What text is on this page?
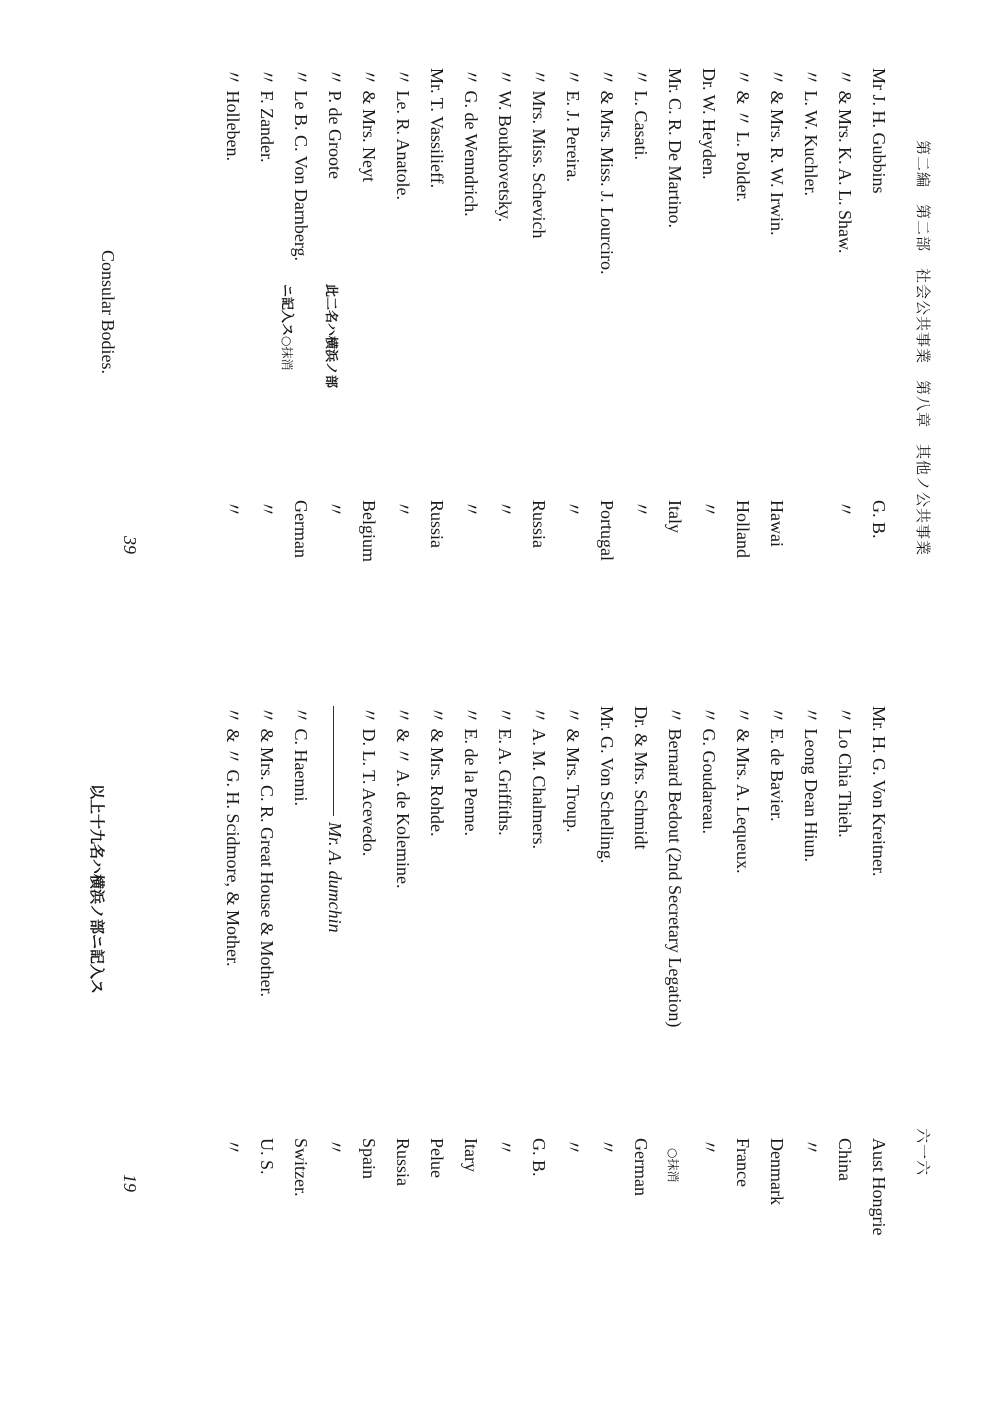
第二編　第二部　社会公共事業　第八章　其他ノ公共事業
六一六
Mr J. H. Gubbins
G. B.
〃 & Mrs. K. A. L. Shaw.
〃
〃 L. W. Kuchler.
〃 & Mrs. R. W. Irwin.
Hawai
〃 & 〃 L. Polder.
Holland
Dr. W. Heyden.
〃
Mr. C. R. De Martino.
Italy
〃 L. Casati.
〃
〃 & Mrs. Miss. J. Lourciro.
Portugal
〃 E. J. Pereira.
〃
〃 Mrs. Miss. Schevich
Russia
〃 W. Boukhovetsky.
〃
〃 G. de Wenndrich.
〃
Mr. T. Vassilieff.
Russia
〃 Le. R. Anatole.
〃
〃 & Mrs. Neyt
Belgium
〃 P. de Groote
〃
〃 Le B. C. Von Darnberg.
German
〃 F. Zander.
〃
〃 Holleben.
〃
此二名ハ横浜ノ部
ニ記入ス○抹消
Consular Bodies.
39
Mr. H. G. Von Kreitner.
Aust Hongrie
〃 Lo Chia Thieh.
China
〃 Leong Dean Hiun.
〃
〃 E. de Bavier.
Denmark
〃 & Mrs. A. Lequeux.
France
〃 G. Goudareau.
〃
〃 Bernard Bedout (2nd Secretary Legation)
○抹消
Dr. & Mrs. Schmidt
German
Mr. G. Von Schelling.
〃
〃 & Mrs. Troup.
〃
〃 A. M. Chalmers.
G. B.
〃 E. A. Griffiths.
〃
〃 E. de la Penne.
Itary
〃 & Mrs. Rohde.
Pelue
〃 & 〃 A. de Kolemine.
Russia
〃 D. L. T. Acevedo.
Spain
Mr. A. dumchin
〃
〃 C. Haenni.
Switzer.
〃 & Mrs. C. R. Great House & Mother.
U. S.
〃 & 〃 G. H. Scidmore, & Mother.
〃
以上十九名ハ横浜ノ部ニ記入ス
19
